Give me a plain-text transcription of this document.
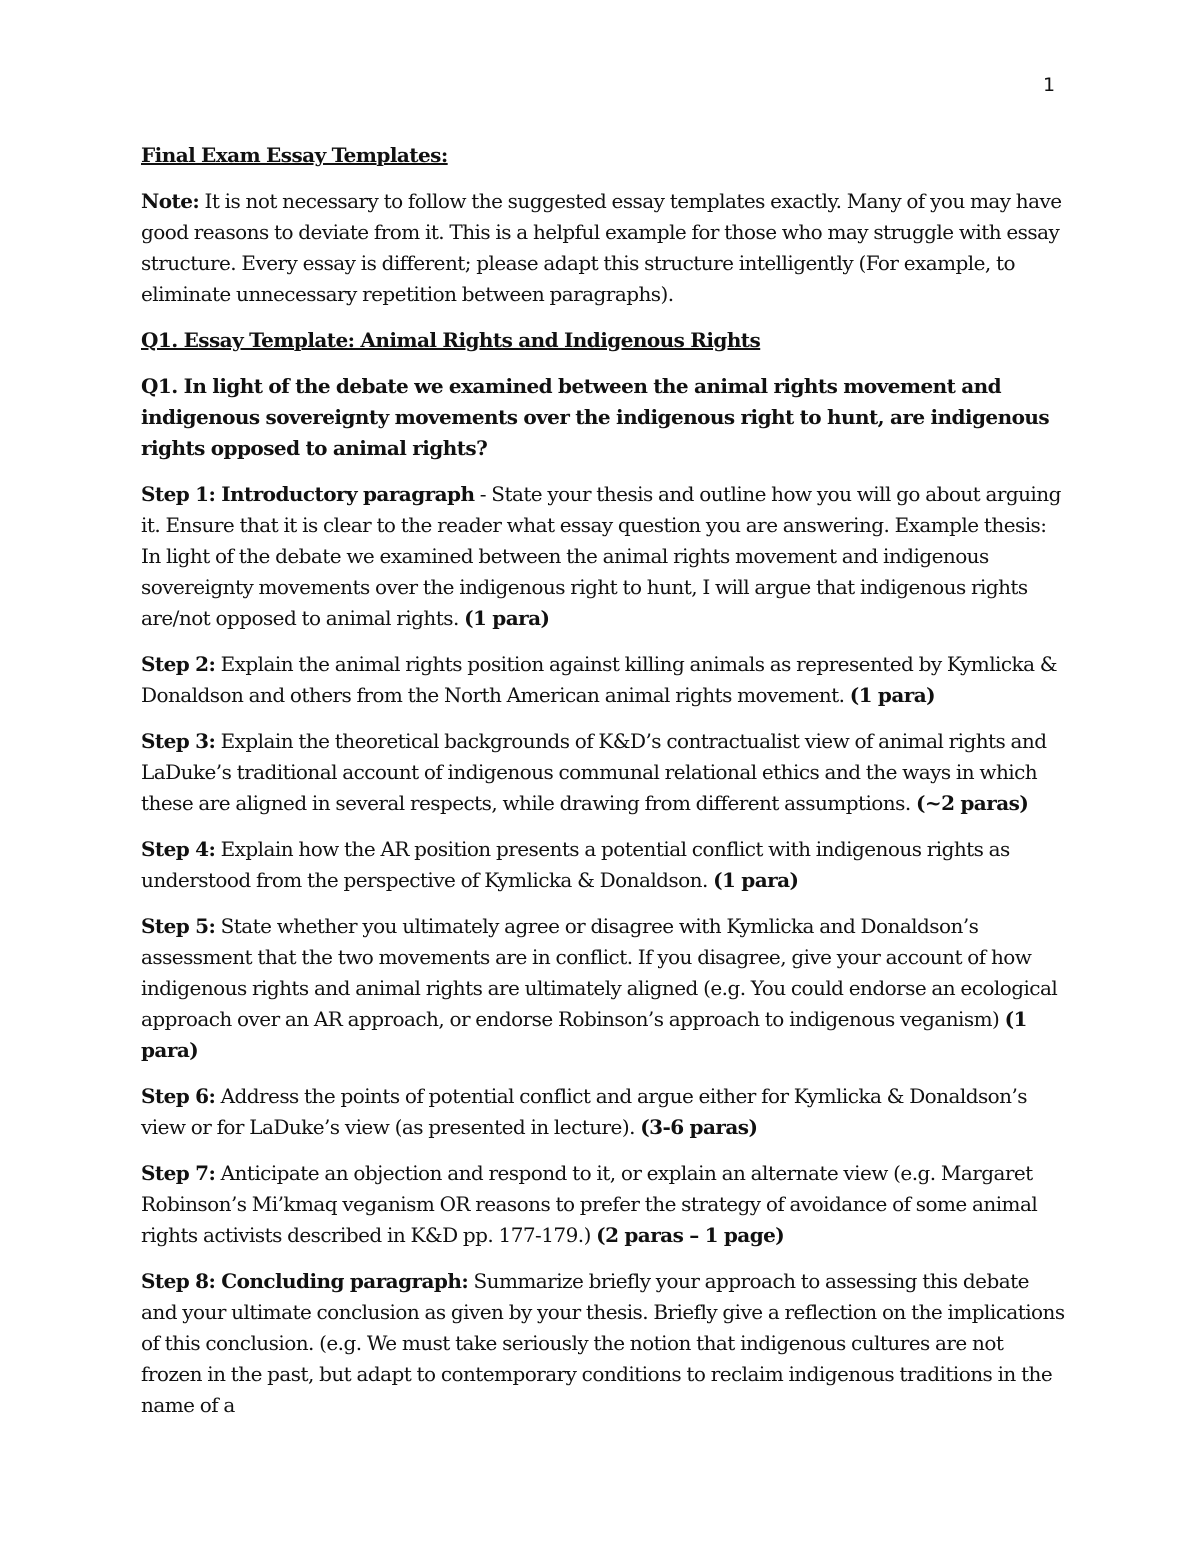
1

Final Exam Essay Templates:

Note: It is not necessary to follow the suggested essay templates exactly. Many of you may have good reasons to deviate from it. This is a helpful example for those who may struggle with essay structure. Every essay is different; please adapt this structure intelligently (For example, to eliminate unnecessary repetition between paragraphs).

Q1. Essay Template: Animal Rights and Indigenous Rights

Q1. In light of the debate we examined between the animal rights movement and indigenous sovereignty movements over the indigenous right to hunt, are indigenous rights opposed to animal rights?

Step 1: Introductory paragraph - State your thesis and outline how you will go about arguing it. Ensure that it is clear to the reader what essay question you are answering. Example thesis: In light of the debate we examined between the animal rights movement and indigenous sovereignty movements over the indigenous right to hunt, I will argue that indigenous rights are/not opposed to animal rights. (1 para)

Step 2: Explain the animal rights position against killing animals as represented by Kymlicka & Donaldson and others from the North American animal rights movement. (1 para)

Step 3: Explain the theoretical backgrounds of K&D’s contractualist view of animal rights and LaDuke’s traditional account of indigenous communal relational ethics and the ways in which these are aligned in several respects, while drawing from different assumptions. (~2 paras)

Step 4: Explain how the AR position presents a potential conflict with indigenous rights as understood from the perspective of Kymlicka & Donaldson. (1 para)

Step 5: State whether you ultimately agree or disagree with Kymlicka and Donaldson’s assessment that the two movements are in conflict. If you disagree, give your account of how indigenous rights and animal rights are ultimately aligned (e.g. You could endorse an ecological approach over an AR approach, or endorse Robinson’s approach to indigenous veganism) (1 para)

Step 6: Address the points of potential conflict and argue either for Kymlicka & Donaldson’s view or for LaDuke’s view (as presented in lecture). (3-6 paras)

Step 7: Anticipate an objection and respond to it, or explain an alternate view (e.g. Margaret Robinson’s Mi’kmaq veganism OR reasons to prefer the strategy of avoidance of some animal rights activists described in K&D pp. 177-179.) (2 paras – 1 page)

Step 8: Concluding paragraph: Summarize briefly your approach to assessing this debate and your ultimate conclusion as given by your thesis. Briefly give a reflection on the implications of this conclusion. (e.g. We must take seriously the notion that indigenous cultures are not frozen in the past, but adapt to contemporary conditions to reclaim indigenous traditions in the name of a
